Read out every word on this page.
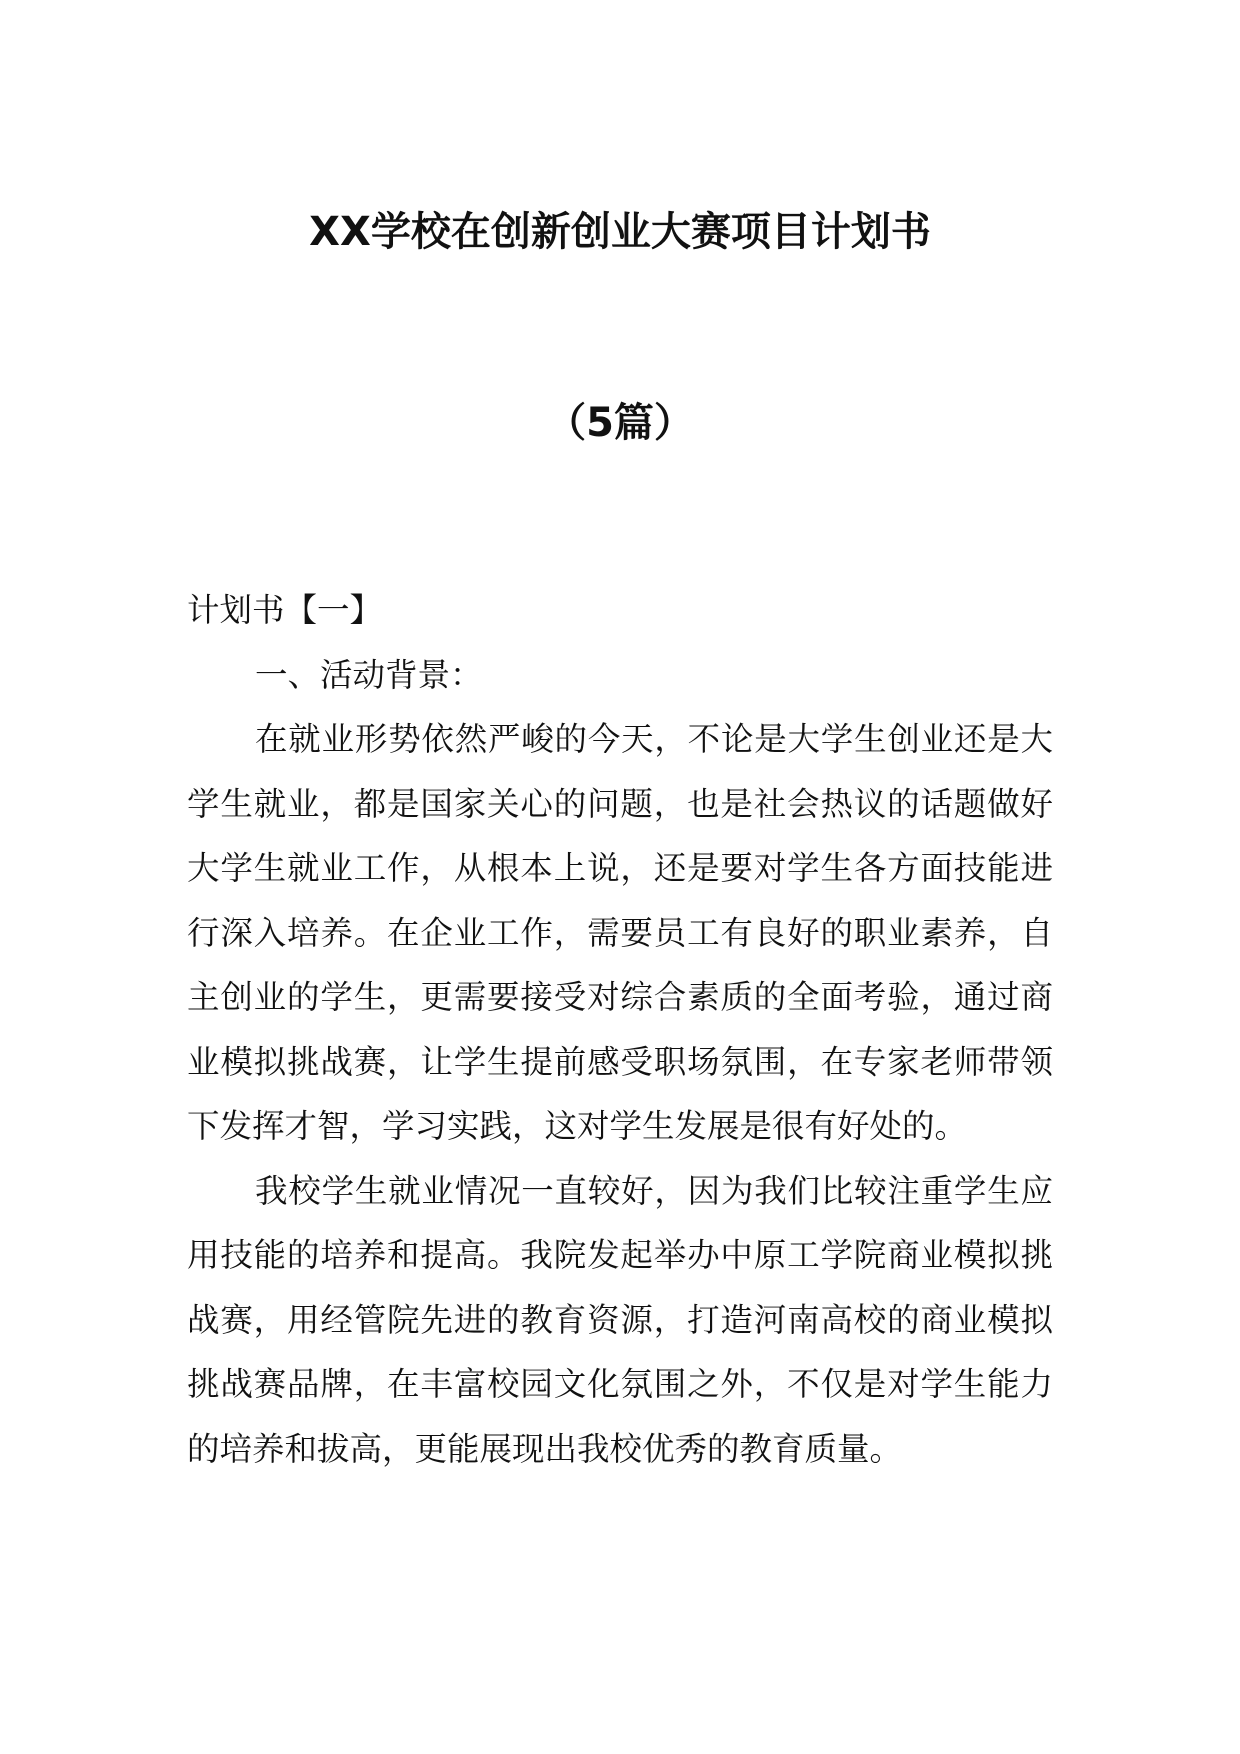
XX学校在创新创业大赛项目计划书
（5篇）

计划书【一】

一、活动背景：

在就业形势依然严峻的今天，不论是大学生创业还是大学生就业，都是国家关心的问题，也是社会热议的话题做好大学生就业工作，从根本上说，还是要对学生各方面技能进行深入培养。在企业工作，需要员工有良好的职业素养，自主创业的学生，更需要接受对综合素质的全面考验，通过商业模拟挑战赛，让学生提前感受职场氛围，在专家老师带领下发挥才智，学习实践，这对学生发展是很有好处的。

我校学生就业情况一直较好，因为我们比较注重学生应用技能的培养和提高。我院发起举办中原工学院商业模拟挑战赛，用经管院先进的教育资源，打造河南高校的商业模拟挑战赛品牌，在丰富校园文化氛围之外，不仅是对学生能力的培养和拔高，更能展现出我校优秀的教育质量。
